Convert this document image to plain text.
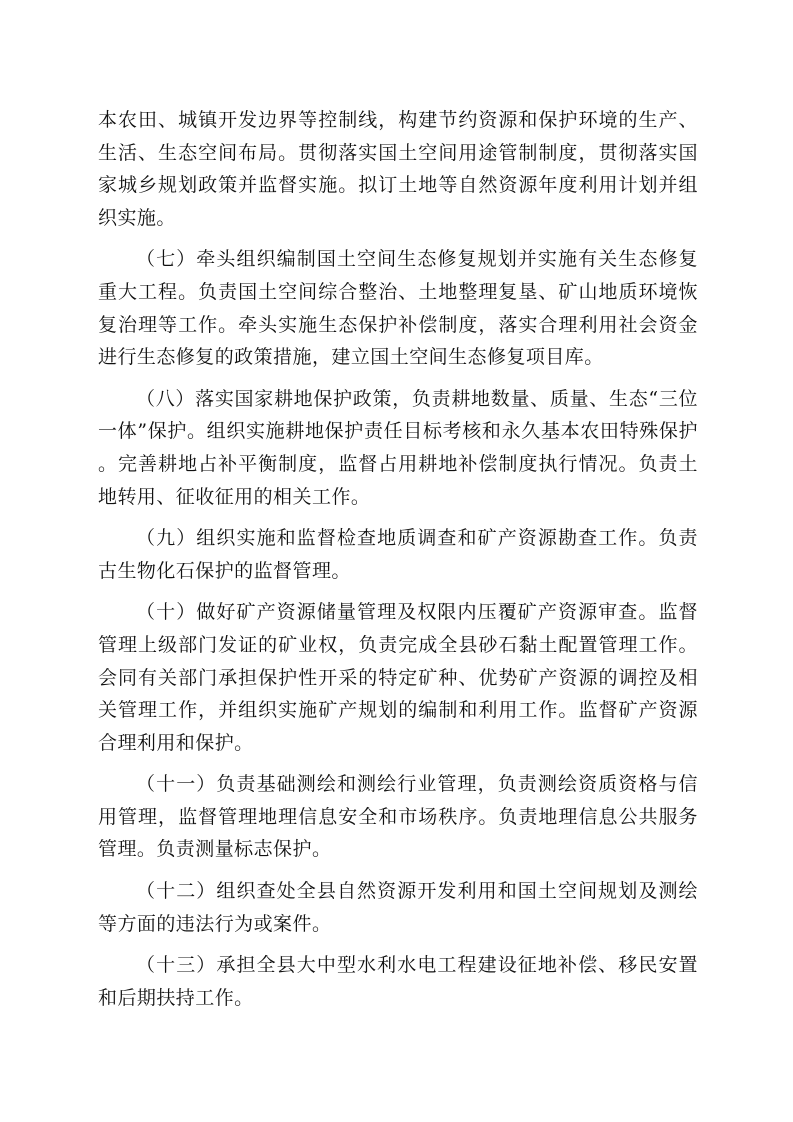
本农田、城镇开发边界等控制线，构建节约资源和保护环境的生产、生活、生态空间布局。贯彻落实国土空间用途管制制度，贯彻落实国家城乡规划政策并监督实施。拟订土地等自然资源年度利用计划并组织实施。

（七）牵头组织编制国土空间生态修复规划并实施有关生态修复重大工程。负责国土空间综合整治、土地整理复垦、矿山地质环境恢复治理等工作。牵头实施生态保护补偿制度，落实合理利用社会资金进行生态修复的政策措施，建立国土空间生态修复项目库。

（八）落实国家耕地保护政策，负责耕地数量、质量、生态“三位一体”保护。组织实施耕地保护责任目标考核和永久基本农田特殊保护。完善耕地占补平衡制度，监督占用耕地补偿制度执行情况。负责土地转用、征收征用的相关工作。

（九）组织实施和监督检查地质调查和矿产资源勘查工作。负责古生物化石保护的监督管理。

（十）做好矿产资源储量管理及权限内压覆矿产资源审查。监督管理上级部门发证的矿业权，负责完成全县砂石黏土配置管理工作。会同有关部门承担保护性开采的特定矿种、优势矿产资源的调控及相关管理工作，并组织实施矿产规划的编制和利用工作。监督矿产资源合理利用和保护。

（十一）负责基础测绘和测绘行业管理，负责测绘资质资格与信用管理，监督管理地理信息安全和市场秩序。负责地理信息公共服务管理。负责测量标志保护。

（十二）组织查处全县自然资源开发利用和国土空间规划及测绘等方面的违法行为或案件。

（十三）承担全县大中型水利水电工程建设征地补偿、移民安置和后期扶持工作。
